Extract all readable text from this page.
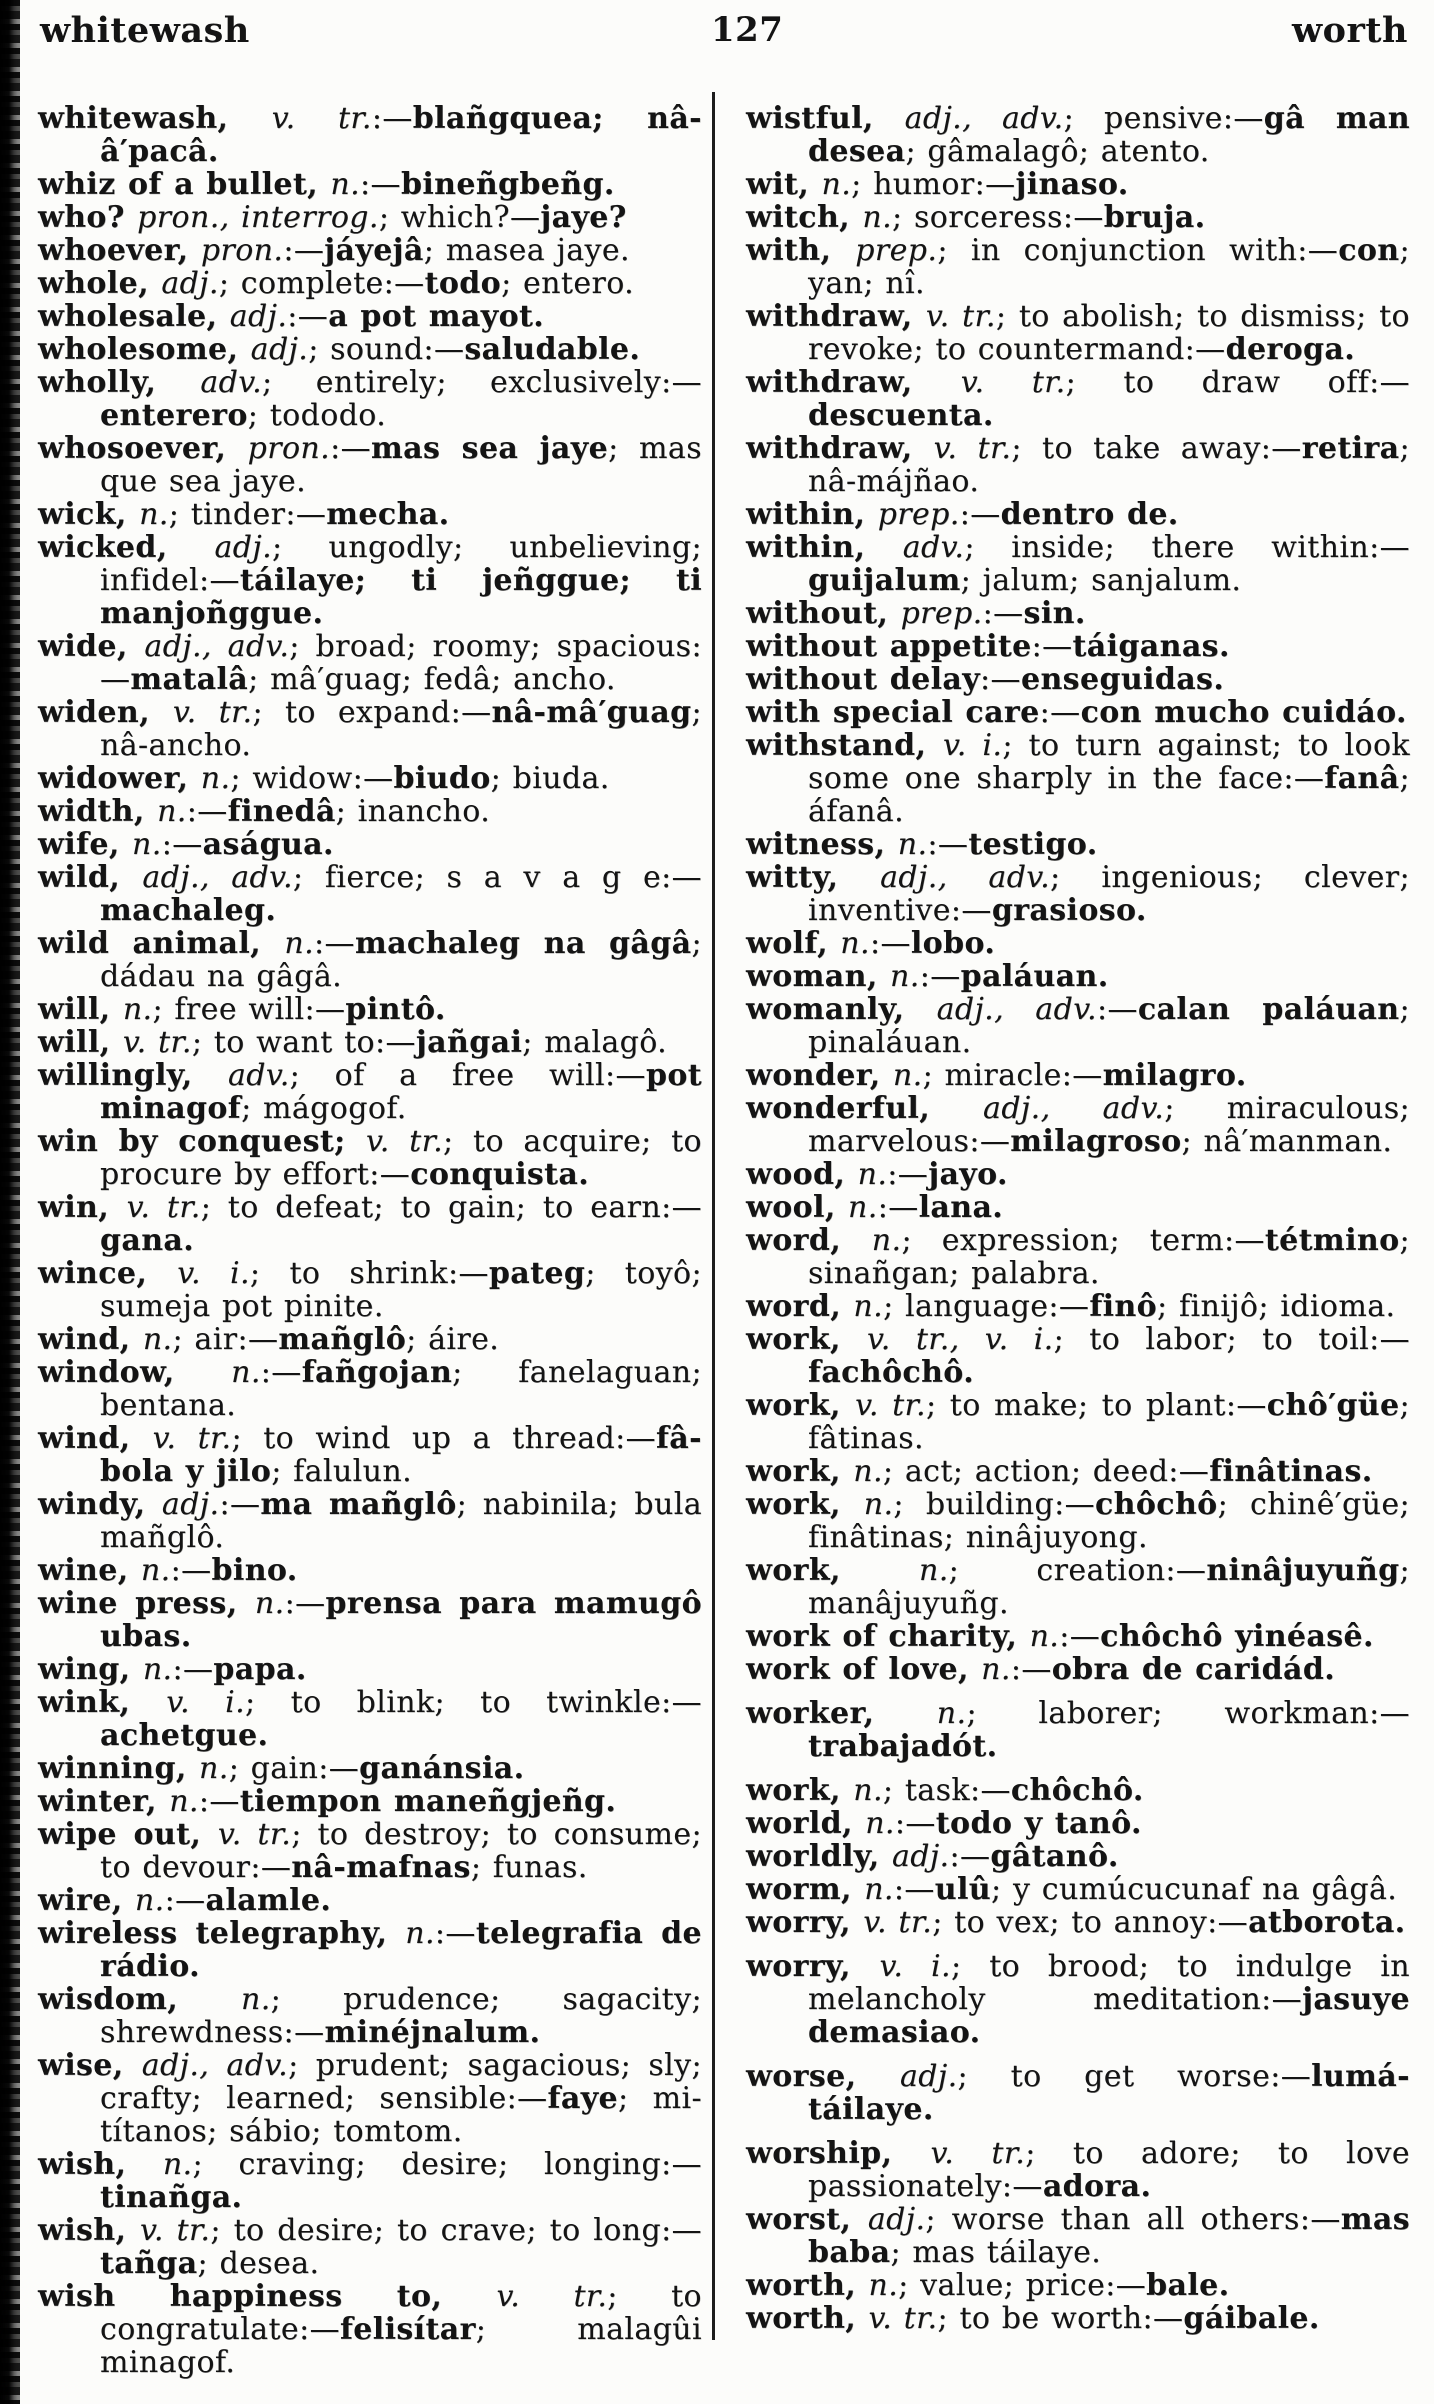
whitewash	127	worth

whitewash, v. tr.:—blañgquea; nâ-â′pacâ.

whiz of a bullet, n.:—bineñgbeñg.

who? pron., interrog.; which?—jaye?

whoever, pron.:—jáyejâ; masea jaye.

whole, adj.; complete:—todo; entero.

wholesale, adj.:—a pot mayot.

wholesome, adj.; sound:—saludable.

wholly, adv.; entirely; exclusively:—enterero; tododo.

whosoever, pron.:—mas sea jaye; mas que sea jaye.

wick, n.; tinder:—mecha.

wicked, adj.; ungodly; unbelieving; infidel:—táilaye; ti jeñggue; ti manjoñggue.

wide, adj., adv.; broad; roomy; spacious:—matalâ; mâ′guag; fedâ; ancho.

widen, v. tr.; to expand:—nâ-mâ′guag; nâ-ancho.

widower, n.; widow:—biudo; biuda.

width, n.:—finedâ; inancho.

wife, n.:—aságua.

wild, adj., adv.; fierce; s a v a g e:—machaleg.

wild animal, n.:—machaleg na gâgâ; dádau na gâgâ.

will, n.; free will:—pintô.

will, v. tr.; to want to:—jañgai; malagô.

willingly, adv.; of a free will:—pot minagof; mágogof.

win by conquest; v. tr.; to acquire; to procure by effort:—conquista.

win, v. tr.; to defeat; to gain; to earn:—gana.

wince, v. i.; to shrink:—pateg; toyô; sumeja pot pinite.

wind, n.; air:—mañglô; áire.

window, n.:—fañgojan; fanelaguan; bentana.

wind, v. tr.; to wind up a thread:—fâ-bola y jilo; falulun.

windy, adj.:—ma mañglô; nabinila; bula mañglô.

wine, n.:—bino.

wine press, n.:—prensa para mamugô ubas.

wing, n.:—papa.

wink, v. i.; to blink; to twinkle:—achetgue.

winning, n.; gain:—ganánsia.

winter, n.:—tiempon maneñgjeñg.

wipe out, v. tr.; to destroy; to consume; to devour:—nâ-mafnas; funas.

wire, n.:—alamle.

wireless telegraphy, n.:—telegrafia de rádio.

wisdom, n.; prudence; sagacity; shrewdness:—minéjnalum.

wise, adj., adv.; prudent; sagacious; sly; crafty; learned; sensible:—faye; mi-títanos; sábio; tomtom.

wish, n.; craving; desire; longing:—tinañga.

wish, v. tr.; to desire; to crave; to long:—tañga; desea.

wish happiness to, v. tr.; to congratulate:—felisítar; malagûi minagof.

wistful, adj., adv.; pensive:—gâ man desea; gâmalagô; atento.

wit, n.; humor:—jinaso.

witch, n.; sorceress:—bruja.

with, prep.; in conjunction with:—con; yan; nî.

withdraw, v. tr.; to abolish; to dismiss; to revoke; to countermand:—deroga.

withdraw, v. tr.; to draw off:—descuenta.

withdraw, v. tr.; to take away:—retira; nâ-májñao.

within, prep.:—dentro de.

within, adv.; inside; there within:—guijalum; jalum; sanjalum.

without, prep.:—sin.

without appetite:—táiganas.

without delay:—enseguidas.

with special care:—con mucho cuidáo.

withstand, v. i.; to turn against; to look some one sharply in the face:—fanâ; áfanâ.

witness, n.:—testigo.

witty, adj., adv.; ingenious; clever; inventive:—grasioso.

wolf, n.:—lobo.

woman, n.:—paláuan.

womanly, adj., adv.:—calan paláuan; pinaláuan.

wonder, n.; miracle:—milagro.

wonderful, adj., adv.; miraculous; marvelous:—milagroso; nâ′manman.

wood, n.:—jayo.

wool, n.:—lana.

word, n.; expression; term:—tétmino; sinañgan; palabra.

word, n.; language:—finô; finijô; idioma.

work, v. tr., v. i.; to labor; to toil:—fachôchô.

work, v. tr.; to make; to plant:—chô′güe; fâtinas.

work, n.; act; action; deed:—finâtinas.

work, n.; building:—chôchô; chinê′güe; finâtinas; ninâjuyong.

work, n.; creation:—ninâjuyuñg; manâjuyuñg.

work of charity, n.:—chôchô yinéasê.

work of love, n.:—obra de caridád.

worker, n.; laborer; workman:—trabajadót.

work, n.; task:—chôchô.

world, n.:—todo y tanô.

worldly, adj.:—gâtanô.

worm, n.:—ulû; y cumúcucunaf na gâgâ.

worry, v. tr.; to vex; to annoy:—atborota.

worry, v. i.; to brood; to indulge in melancholy meditation:—jasuye demasiao.

worse, adj.; to get worse:—lumá-táilaye.

worship, v. tr.; to adore; to love passionately:—adora.

worst, adj.; worse than all others:—mas baba; mas táilaye.

worth, n.; value; price:—bale.

worth, v. tr.; to be worth:—gáibale.
